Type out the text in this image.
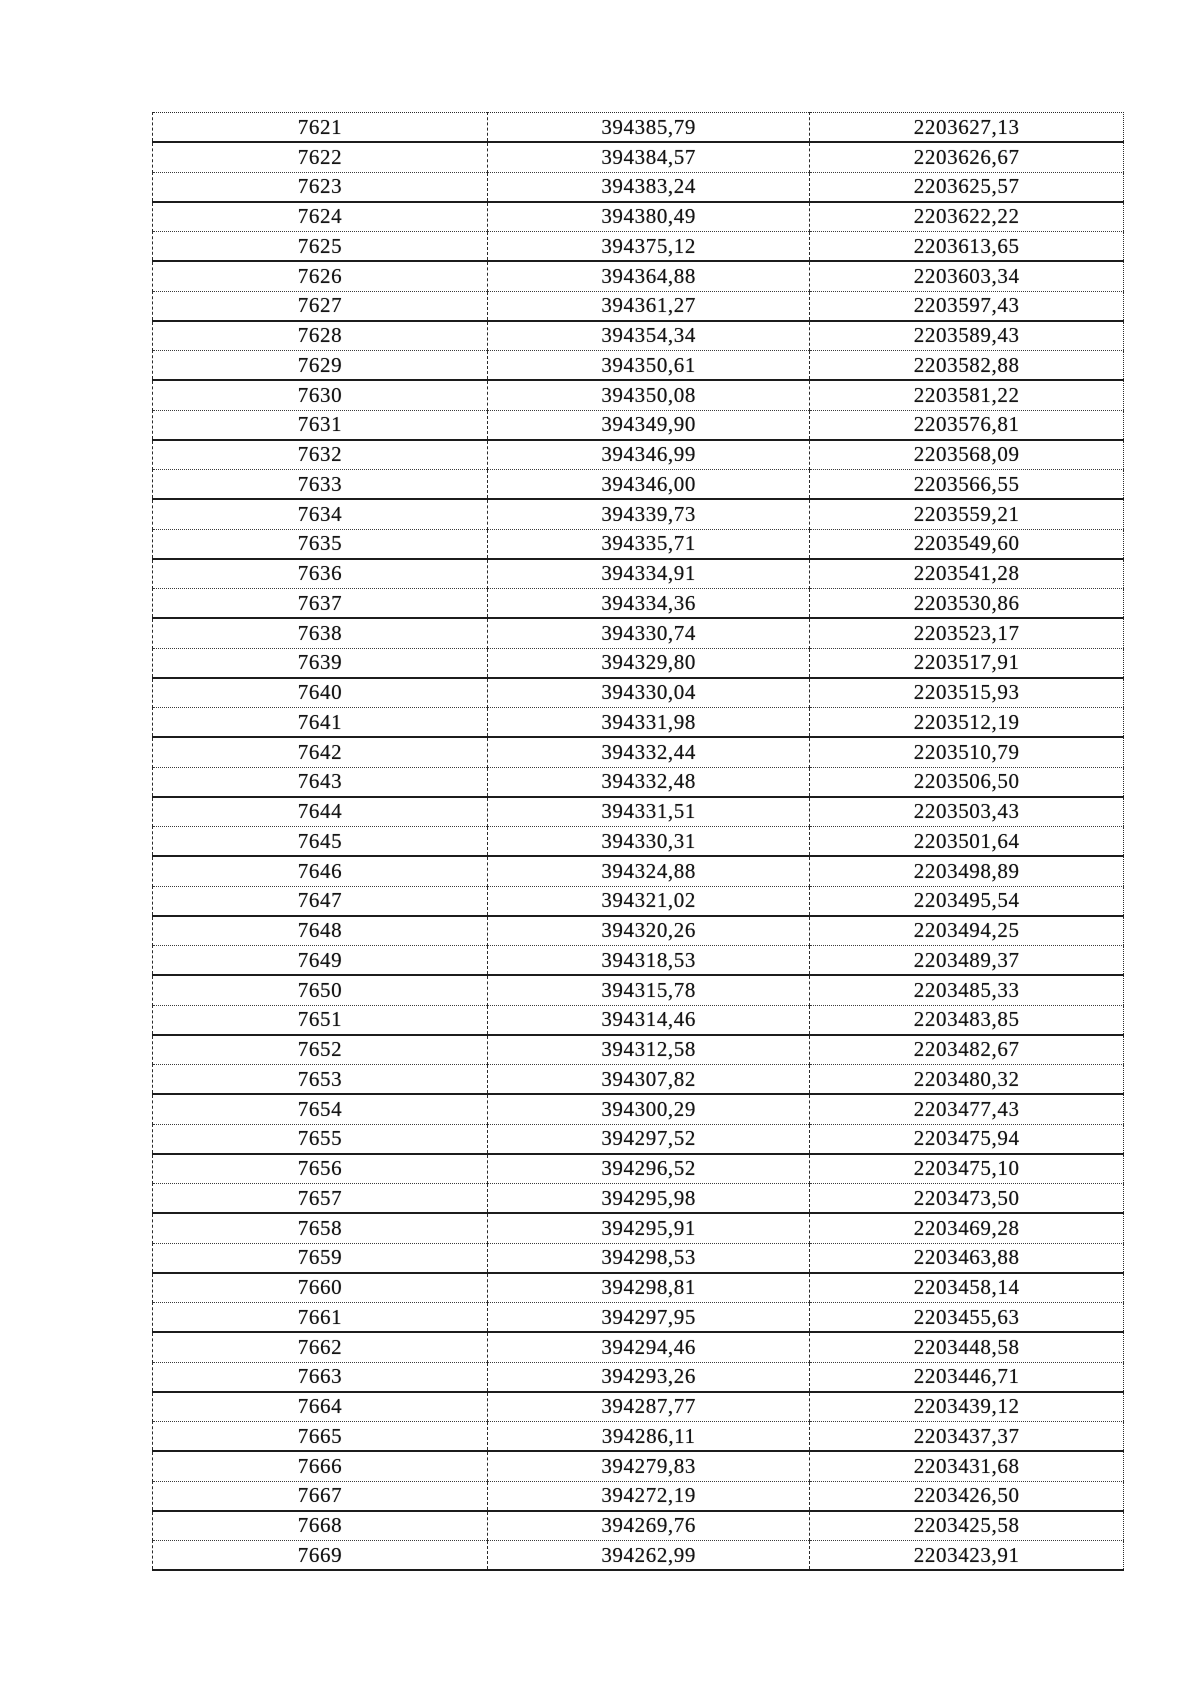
7621	394385,79	2203627,13
7622	394384,57	2203626,67
7623	394383,24	2203625,57
7624	394380,49	2203622,22
7625	394375,12	2203613,65
7626	394364,88	2203603,34
7627	394361,27	2203597,43
7628	394354,34	2203589,43
7629	394350,61	2203582,88
7630	394350,08	2203581,22
7631	394349,90	2203576,81
7632	394346,99	2203568,09
7633	394346,00	2203566,55
7634	394339,73	2203559,21
7635	394335,71	2203549,60
7636	394334,91	2203541,28
7637	394334,36	2203530,86
7638	394330,74	2203523,17
7639	394329,80	2203517,91
7640	394330,04	2203515,93
7641	394331,98	2203512,19
7642	394332,44	2203510,79
7643	394332,48	2203506,50
7644	394331,51	2203503,43
7645	394330,31	2203501,64
7646	394324,88	2203498,89
7647	394321,02	2203495,54
7648	394320,26	2203494,25
7649	394318,53	2203489,37
7650	394315,78	2203485,33
7651	394314,46	2203483,85
7652	394312,58	2203482,67
7653	394307,82	2203480,32
7654	394300,29	2203477,43
7655	394297,52	2203475,94
7656	394296,52	2203475,10
7657	394295,98	2203473,50
7658	394295,91	2203469,28
7659	394298,53	2203463,88
7660	394298,81	2203458,14
7661	394297,95	2203455,63
7662	394294,46	2203448,58
7663	394293,26	2203446,71
7664	394287,77	2203439,12
7665	394286,11	2203437,37
7666	394279,83	2203431,68
7667	394272,19	2203426,50
7668	394269,76	2203425,58
7669	394262,99	2203423,91
